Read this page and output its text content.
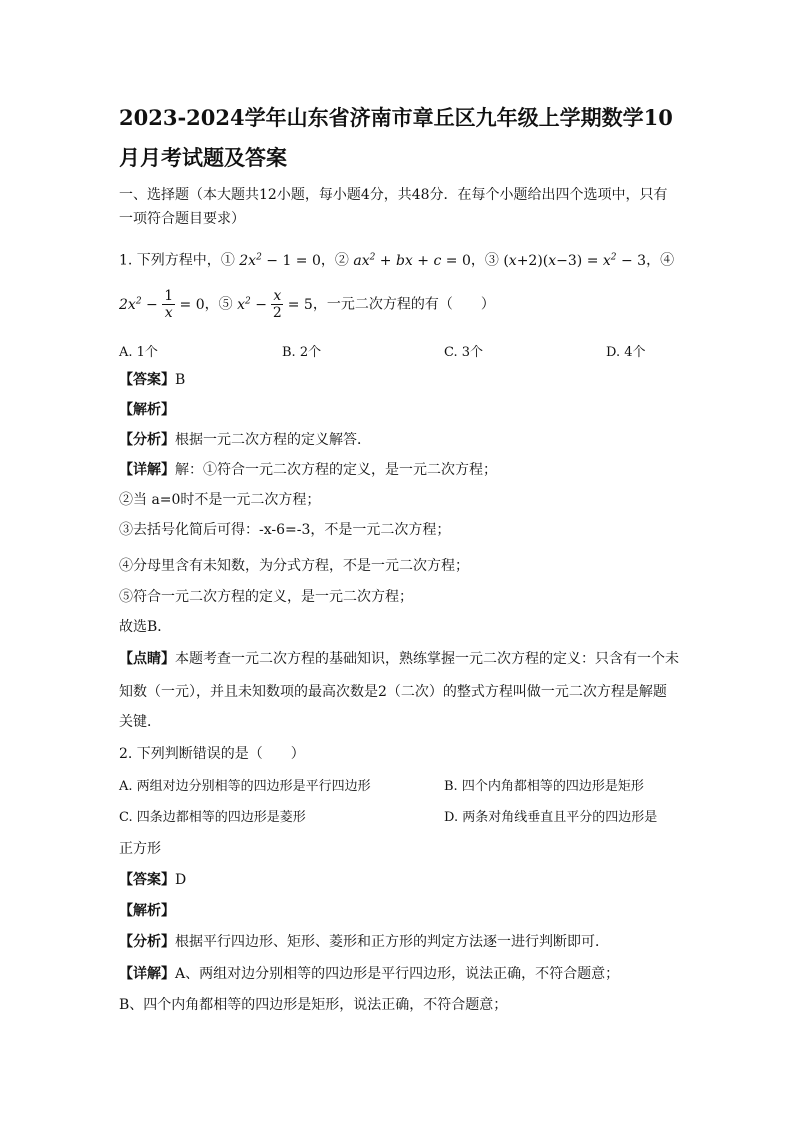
2023-2024学年山东省济南市章丘区九年级上学期数学10
月月考试题及答案
一、选择题（本大题共12小题，每小题4分，共48分．在每个小题给出四个选项中，只有
一项符合题目要求）
1. 下列方程中，① $2x^2 - 1 = 0$，② $ax^2$ + bx + c = 0，③ $(x+2)(x-3) = x^2 - 3$，④
$2x^2 - \frac{1}{x} = 0$，⑤ $x^2 - \frac{x}{2} = 5$，一元二次方程的有（　　）
A. 1个	B. 2个	C. 3个	D. 4个
【答案】B
【解析】
【分析】根据一元二次方程的定义解答．
【详解】解：①符合一元二次方程的定义，是一元二次方程；
②当 a=0时不是一元二次方程；
③去括号化简后可得：-x-6=-3，不是一元二次方程；
④分母里含有未知数，为分式方程，不是一元二次方程；
⑤符合一元二次方程的定义，是一元二次方程；
故选B．
【点睛】本题考查一元二次方程的基础知识，熟练掌握一元二次方程的定义：只含有一个未
知数（一元），并且未知数项的最高次数是2（二次）的整式方程叫做一元二次方程是解题
关键．
2. 下列判断错误的是（　　）
A. 两组对边分别相等的四边形是平行四边形	B. 四个内角都相等的四边形是矩形
C. 四条边都相等的四边形是菱形	D. 两条对角线垂直且平分的四边形是
正方形
【答案】D
【解析】
【分析】根据平行四边形、矩形、菱形和正方形的判定方法逐一进行判断即可．
【详解】A、两组对边分别相等的四边形是平行四边形，说法正确，不符合题意；
B、四个内角都相等的四边形是矩形，说法正确，不符合题意；
